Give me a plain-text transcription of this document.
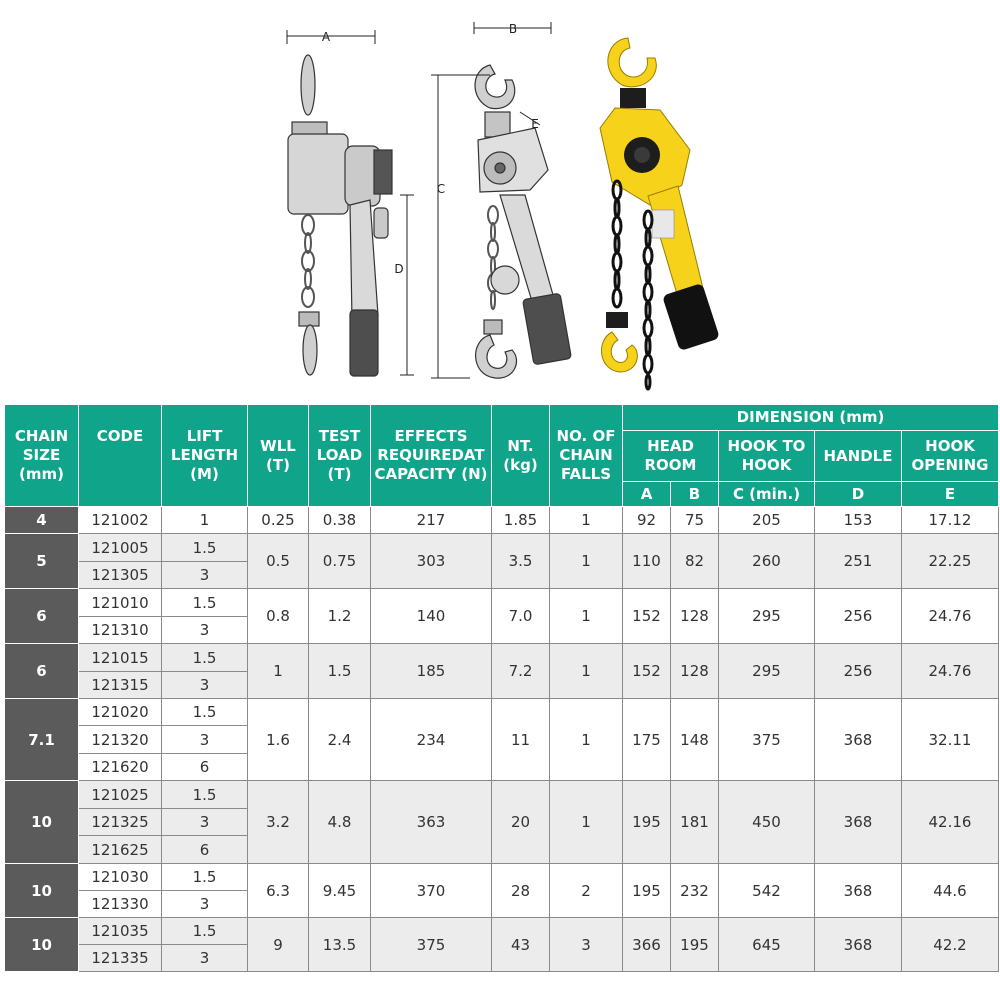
A
D
B
C
E
CHAIN SIZE (mm)	CODE	LIFT LENGTH (M)	WLL (T)	TEST LOAD (T)	EFFECTS REQUIREDAT CAPACITY (N)	NT. (kg)	NO. OF CHAIN FALLS	DIMENSION (mm)				
								HEAD ROOM		HOOK TO HOOK	HANDLE	HOOK OPENING
								A	B	C (min.)	D	E
4	121002	1	0.25	0.38	217	1.85	1	92	75	205	153	17.12
5	121005	1.5	0.5	0.75	303	3.5	1	110	82	260	251	22.25
	121305	3										
6	121010	1.5	0.8	1.2	140	7.0	1	152	128	295	256	24.76
	121310	3										
6	121015	1.5	1	1.5	185	7.2	1	152	128	295	256	24.76
	121315	3										
7.1	121020	1.5	1.6	2.4	234	11	1	175	148	375	368	32.11
	121320	3										
	121620	6										
10	121025	1.5	3.2	4.8	363	20	1	195	181	450	368	42.16
	121325	3										
	121625	6										
10	121030	1.5	6.3	9.45	370	28	2	195	232	542	368	44.6
	121330	3										
10	121035	1.5	9	13.5	375	43	3	366	195	645	368	42.2
	121335	3										
